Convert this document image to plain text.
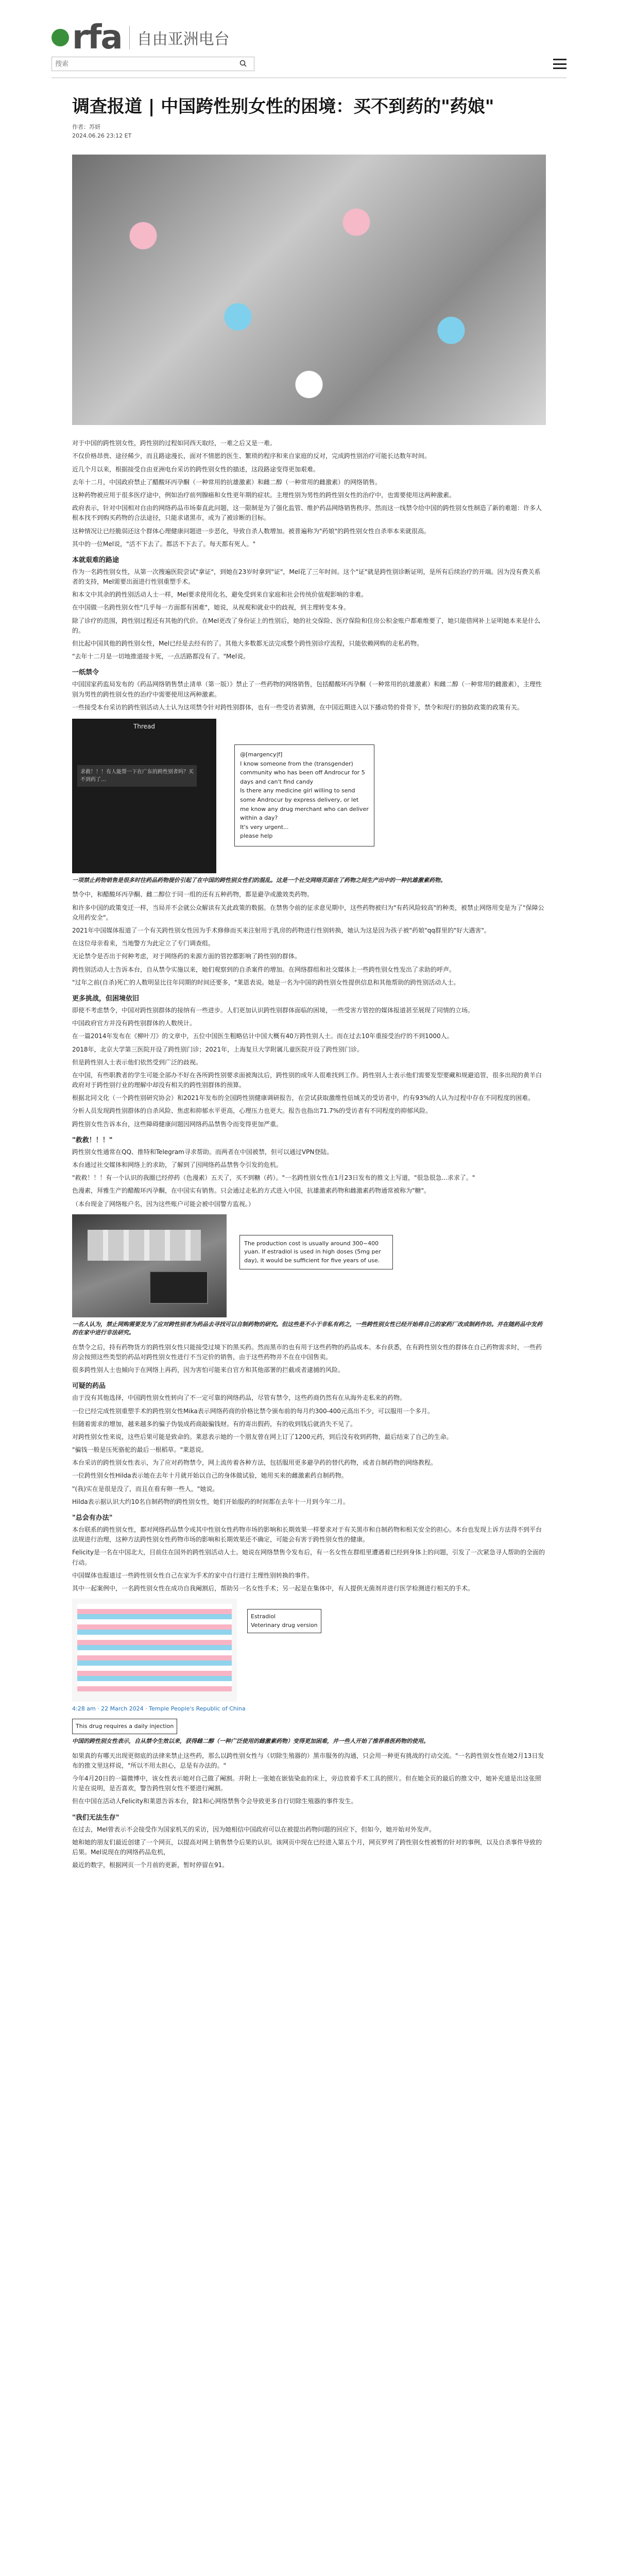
rfa 自由亚洲电台
搜索
调查报道 | 中国跨性别女性的困境：买不到药的"药娘"
作者：苏妍
2024.06.26 23:12 ET

对于中国的跨性别女性，跨性别的过程如同西天取经，一难之后又是一难。

不仅价格昂贵、途径稀少，而且路途漫长，面对不情愿的医生、繁琐的程序和来自家庭的反对，完成跨性别治疗可能长达数年时间。

近几个月以来，根据接受自由亚洲电台采访的跨性别女性的描述，这段路途变得更加艰难。

去年十二月，中国政府禁止了醋酸环丙孕酮（一种常用的抗雄激素）和雌二醇（一种常用的雌激素）的网络销售。

这种药物被应用于很多医疗途中，例如治疗前列腺癌和女性更年期的症状。主理性别为男性的跨性别女性的治疗中，也需要使用这两种激素。

政府表示，针对中国相对自由的网络药品市场秦直此问题，这一限制是为了强化监管、维护药品网络销售秩序。然而这一线禁令给中国的跨性别女性制造了新的难题：许多人根本找不到购买药物的合法途径，只能求诸黑市，或为了被诊断的目标。

这种情况让已经脆弱还这个群体心理健康问题进一步恶化，导致自杀人数增加。被普遍称为"药娘"的跨性别女性自杀率本来就很高。

其中的一位Mel说，"活不下去了。都活不下去了。每天都有死人。"

本就艰难的路途

作为一名跨性别女性，从第一次搜遍医院尝试"拿证"，到她在23岁时拿到"证"，Mel花了三年时间。这个"证"就是跨性别诊断证明，是所有后续治疗的开端。因为没有费关系者的支持，Mel需要出面进行性别重塑手术。

和本文中其余的跨性别活动人士一样，Mel要求使用化名，避免受到来自家庭和社会传统价值观影响的非难。

在中国做一名跨性别女性"几乎每一方面都有困难"，她说，从视观和就业中的歧视，到主理转变本身。

除了诊疗的范围，跨性别过程还有其他的代价。在Mel更改了身份证上的性别后，她的社交保险、医疗保险和住房公积金账户都难维要了，她只能借网补上证明她本来是什么的。

但比起中国其他的跨性别女性，Mel已经是去经有的了。其他大多数都无法完成整个跨性别诊疗流程，只能依赖网购的走私药物。

"去年十二月是一切地推道接卡死，一点活路都没有了。"Mel说。

一纸禁令

中国国家药监局发布的《药品网络销售禁止清单（第一版）》禁止了一些药物的网络销售，包括醋酸环丙孕酮（一种常用的抗雄激素）和雌二醇（一种常用的雌激素），主理性别为男性的跨性别女性的治疗中需要使用这两种激素。

一些接受本台采访的跨性别活动人士认为这项禁令针对跨性别群体，也有一些受访者猜测，在中国近期进入以下播动势的骨骨下，禁令和现行的独防政策的政策有关。

Thread
求救！！！有人能帮一下在广东的跨性别者吗？买不到药了…

@[margency|f]
I know someone from the (transgender) community who has been off Androcur for 5 days and can't find candy
Is there any medicine girl willing to send some Androcur by express delivery, or let me know any drug merchant who can deliver within a day?
It's very urgent...
please help
一项禁止药物销售是很多时往药品药物提价引起了在中国的跨性别女性们的混乱。这是一个社交网络页面在了药物之间生产出中的一种抗雄激素药物。

禁令中，和醋酸环丙孕酮、雌二醇位于同一组的还有五种药物，都是避孕或激效类药物。

和许多中国的政策变迁一样，当局并不会就公众解读有关此政策的数据。在禁售令前的征求意见期中，这些药物被归为"有药风险较高"的种类，被禁止网络用变是为了"保障公众用药安全"。

2021年中国媒体报道了一个有关跨性别女性因为手术修修而买来注射用于乳房的药物进行性别转换，她认为这是因为孩子被"药娘"qq群里的"好大遇害"。

在这位母亲看来，当地警方为此定立了专门调查组。

无论禁令是否出于何种考虑，对于网络药的来源方面的管控都影响了跨性别的群体。

跨性别活动人士告诉本台，自从禁令实施以来，她们观察到的自杀案件的增加。在网络群组和社交媒体上一些跨性别女性发出了求助的呼声。

"过年之前(自杀)死亡的人数明显比往年同期的时间还要多，"莱恩表说。她是一名为中国的跨性别女性提供信息和其他帮助的跨性别活动人士。

更多挑战，但困境依旧

即使不考虑禁令，中国对跨性别群体的接纳有一些进步。人们更加认识跨性别群体面临的困境，一些受害方管控的媒体报道甚至展现了同情的立场。

中国政府官方并没有跨性别群体的人数统计。

在一篇2014年发布在《柳叶刀》的文章中，五位中国医生粗略估计中国大概有40万跨性别人士。而在过去10年重接受治疗的不到1000人。

2018年，北京大学第三医院开设了跨性别门诊；2021年，上海复旦大学附属儿童医院开设了跨性别门诊。

但是跨性别人士表示他们依然受到广泛的歧视。

在中国，有些职教者的学生可能全部办不好在各所跨性别要求面被淘汰后，跨性别的成年人很难找到工作。跨性别人士表示他们需要发型要藏和规避追管，很多出现的黄羊白政府对于跨性别行业的理解中却没有相关的跨性别群体的预算。

根据北同文化（一个跨性别研究协会）和2021年发布的全国跨性别健康调研报告，在尝试获取激维性倍域关的受访者中，约有93%的人认为过程中存在不同程度的困难。

分析人员发现跨性别群体的自杀风险、焦虑和抑郁水平更高，心理压力也更大。报告也指出71.7%的受访者有不同程度的抑郁风险。

跨性别女性告诉本台，这些障碍健康问题因网络药品禁售令而变得更加严重。

"救救！！！"

跨性别女性通常在QQ、推特和Telegram寻求帮助。而两者在中国被禁，但可以通过VPN登陆。

本台通过社交媒体和网络上的求助，了解到了因网络药品禁售令引发的危机。

"救救！！！有一个认识的我圈已经停药（色漫素）五天了，买不到糖（药）。"一名跨性别女性在1月23日发布的推文上写道，"很急很急...求求了。"

色漫素，拜雅生产的醋酸环丙孕酮，在中国实有销售。只会通过走私的方式进入中国，抗雄激素药物和雌激素药物通常被称为"糖"。

（本台现金了网络账户名，因为这些账户可能会被中国警方监视。）

The production cost is usually around 300~400 yuan. If estradiol is used in high doses (5mg per day), it would be sufficient for five years of use.
一名人认为，禁止网购需要发为了应对跨性别者为药品去寻找可以自制药物的研究。但这些是不小于非私有药之，一些跨性别女性已经开始将自己的家药厂改成制药作坊。并在随药品中发药的在家中进行非法研究。

在禁令之后，持有药物货方的跨性别女性只能接受过境下的黑买药。然而黑市的也有用于这些药物的药品成本。本台获悉，在有跨性别女性的群体在自己药物需求时，一些药房会按照这些类型的药品对跨性别女性进行不当定价的销售，由于这些药物并不在在中国售卖。

很多跨性别人士也倾向于在网络上再药，因为害怕可能来自官方和其他部署的拦截或者逮捕的风险。

可疑的药品

由于没有其他选择，中国跨性别女性转向了不一定可靠的网络药品，尽管有禁令，这些药商仍然有在从海外走私来的药物。

一位已经完成性别重塑手术的跨性别女性Mika表示网络药商的价格比禁令颁布前的每月约300-400元高出不少，可以服用一个多月。

但随着需求的增加，越来越多的骗子伪装成药商敲骗钱财。有的寄出假药，有的收到钱后就消失不见了。

对跨性别女性来说，这些后果可能是致命的。莱恩表示她的一个朋友曾在网上订了1200元药，到后没有收到药物，最后结束了自己的生命。

"骗钱一般是压死骆驼的最后一根稻草。"莱恩说。

本台采访的跨性别女性表示，为了应对药物禁令，网上流传着各种方法，包括服用更多避孕药的替代药物，或者自制药物的网络教程。

一位跨性别女性Hilda表示她在去年十月就开始以自己的身体做试验，她用买来的雌激素药自制药物。

"(我)实在是很是没了，而且在看有卵一些人，"她说。

Hilda表示据认识大约10名自制药物的跨性别女性，她们开始服药的时间都在去年十一月到今年二月。

"总会有办法"

本台联系的跨性别女性，都对网络药品禁令或其中性别女性药物市场的影响和长期效果一样要求对于有关黑市和自制药物和相关安全的担心。本台也发现上诉方法得不到平台法规进行治理，这种方法跨性别女性药物市场的影响和长期效果还不确定，可能会有害于跨性别女性的健康。

Felicity是一名在中国北大，目前住在国外的跨性别活动人士。她说在网络禁售令发布后，有一名女性在群组里遭遇着已经到身体上的问题，引发了一次紧急寻人帮助的全面的行动。

中国媒体也报道过一些跨性别女性自己在家为手术的家中自行进行主理性别转换的事件。

其中一起案例中，一名跨性别女性在成功自我阉割后，帮助另一名女性手术；另一起是在集体中，有人提供无菌剂并进行医学检测进行相关的手术。

Estradiol
Veterinary drug version
4:28 am · 22 March 2024 · Temple People's Republic of China
This drug requires a daily injection
中国的跨性别女性表示，自从禁令生效以来，获得雌二醇（一种广泛使用的雌激素药物）变得更加困难，并一些人开始了推荐兽医药物的使用。

如果真的有哪天出现更彻底的法律来禁止这些药，那么以跨性别女性与（切除生殖器的）黑市服务的沟通，只会用一种更有挑战的行动交流。"一名跨性别女性在她2月13日发布的推文里这样说，"所以不用太担心，总是有办法的。"

今年4月20日的一篇微博中，该女性表示她对自己做了阉割。并附上一张她在嵌装染血的床上，旁边放着手术工具的照片。但在她全页的最后的推文中，她补充道是出这张照片是在说明，是否喜欢，警告跨性别女性不要进行阉割。

但在中国在活动人Felicity和莱恩告诉本台，除1和心网络禁售令会导致更多自行切除生殖器的事件发生。

"我们无法生存"

在过去，Mel曾表示不会接受作为国家机关的采访，因为她相信中国政府可以在被提出药物问题的回应下，但如今，她开始对外发声。

她和她的朋友们最近创建了一个网页，以提高对网上销售禁令后果的认识。该网页中现在已经进入第五个月，网页罗列了跨性别女性被暂的针对的事例，以及自杀事件导致的后果。Mel说现在的网络药品危机，

最近的数字，根据网页一个月前的更新，暂时停留在91。
